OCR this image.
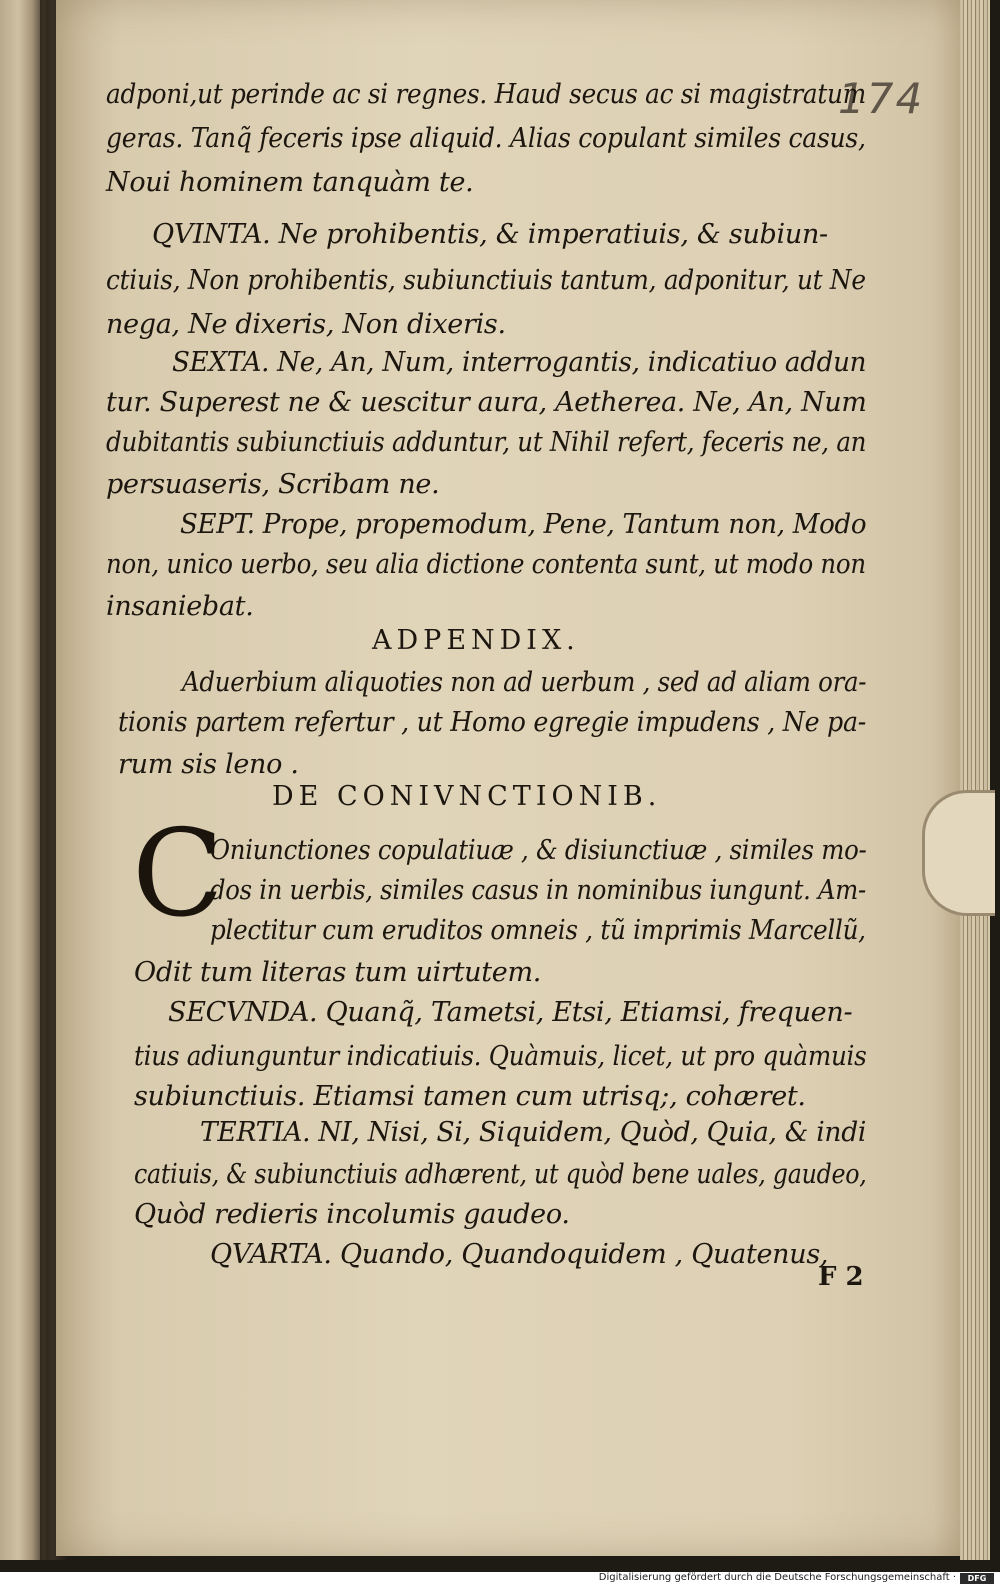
174
adponi,ut perinde ac si regnes. Haud secus ac si magistratum
geras. Tanq̃ feceris ipse aliquid. Alias copulant similes casus,
Noui hominem tanquàm te.
QVINTA. Ne prohibentis, & imperatiuis, & subiun-
ctiuis, Non prohibentis, subiunctiuis tantum, adponitur, ut Ne
nega, Ne dixeris, Non dixeris.
SEXTA. Ne, An, Num, interrogantis, indicatiuo addun
tur. Superest ne & uescitur aura, Aetherea. Ne, An, Num
dubitantis subiunctiuis adduntur, ut Nihil refert, feceris ne, an
persuaseris, Scribam ne.
SEPT. Prope, propemodum, Pene, Tantum non, Modo
non, unico uerbo, seu alia dictione contenta sunt, ut modo non
insaniebat.
ADPENDIX.
Aduerbium aliquoties non ad uerbum , sed ad aliam ora-
tionis partem refertur , ut Homo egregie impudens , Ne pa-
rum sis leno .
DE CONIVNCTIONIB.
Oniunctiones copulatiuæ , & disiunctiuæ , similes mo-
dos in uerbis, similes casus in nominibus iungunt. Am-
plectitur cum eruditos omneis , tũ imprimis Marcellũ,
Odit tum literas tum uirtutem.
SECVNDA. Quanq̃, Tametsi, Etsi, Etiamsi, frequen-
tius adiunguntur indicatiuis. Quàmuis, licet, ut pro quàmuis
subiunctiuis. Etiamsi tamen cum utrisq;, cohæret.
TERTIA. NI, Nisi, Si, Siquidem, Quòd, Quia, & indi
catiuis, & subiunctiuis adhærent, ut quòd bene uales, gaudeo,
Quòd redieris incolumis gaudeo.
QVARTA. Quando, Quandoquidem , Quatenus,
C
F 2
Digitalisierung gefördert durch die Deutsche Forschungsgemeinschaft ·	DFG
